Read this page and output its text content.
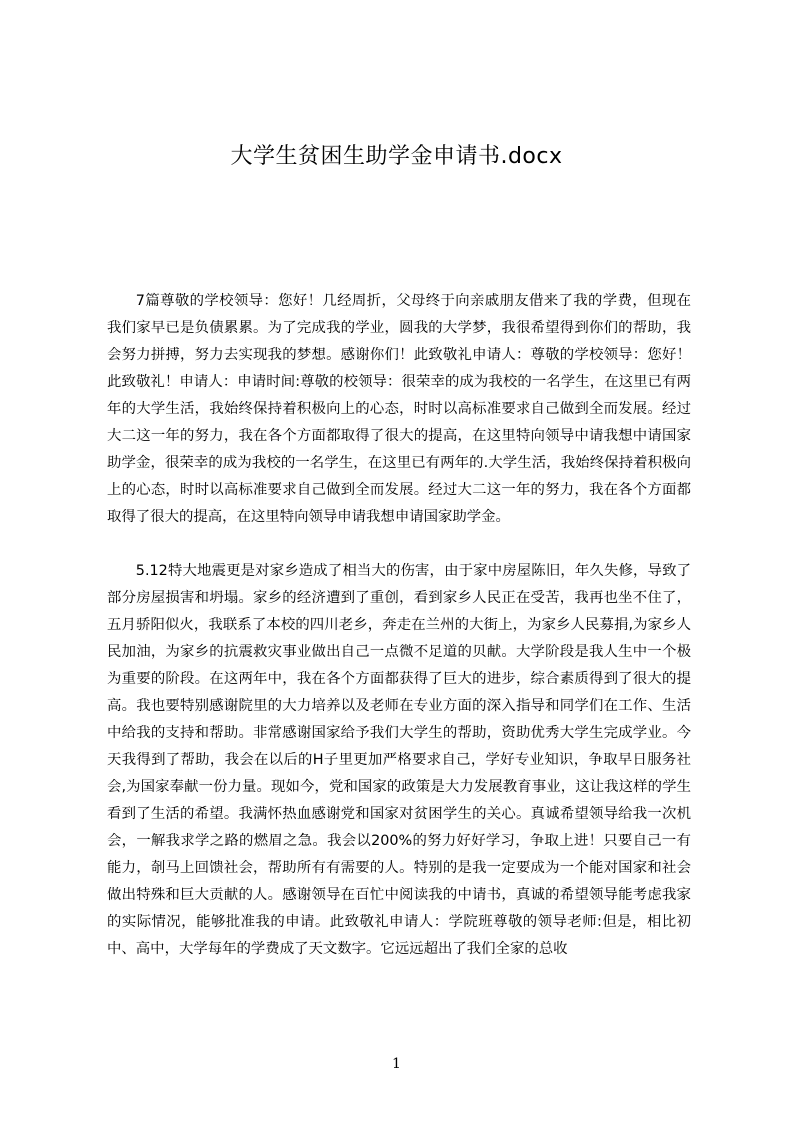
大学生贫困生助学金申请书.docx

7篇尊敬的学校领导：您好！几经周折，父母终于向亲戚朋友借来了我的学费，但现在我们家早已是负债累累。为了完成我的学业，圆我的大学梦，我很希望得到你们的帮助，我会努力拼搏，努力去实现我的梦想。感谢你们！此致敬礼申请人：尊敬的学校领导：您好！此致敬礼！申请人：申请时间:尊敬的校领导：很荣幸的成为我校的一名学生，在这里已有两年的大学生活，我始终保持着积极向上的心态，时时以高标准要求自己做到全而发展。经过大二这一年的努力，我在各个方面都取得了很大的提高，在这里特向领导中请我想中请国家助学金，很荣幸的成为我校的一名学生，在这里已有两年的.大学生活，我始终保持着积极向上的心态，时时以高标准要求自己做到全而发展。经过大二这一年的努力，我在各个方面都取得了很大的提高，在这里特向领导申请我想申请国家助学金。

5.12特大地震更是对家乡造成了相当大的伤害，由于家中房屋陈旧，年久失修，导致了部分房屋损害和坍塌。家乡的经济遭到了重创，看到家乡人民正在受苦，我再也坐不住了，五月骄阳似火，我联系了本校的四川老乡，奔走在兰州的大街上，为家乡人民募捐,为家乡人民加油，为家乡的抗震救灾事业做出自己一点微不足道的贝献。大学阶段是我人生中一个极为重要的阶段。在这两年中，我在各个方面都获得了巨大的进步，综合素质得到了很大的提高。我也要特别感谢院里的大力培养以及老师在专业方面的深入指导和同学们在工作、生活中给我的支持和帮助。非常感谢国家给予我们大学生的帮助，资助优秀大学生完成学业。今天我得到了帮助，我会在以后的H子里更加严格要求自己，学好专业知识，争取早日服务社会,为国家奉献一份力量。现如今，党和国家的政策是大力发展教育事业，这让我这样的学生看到了生活的希望。我满怀热血感谢党和国家对贫困学生的关心。真诚希望领导给我一次机会，一解我求学之路的燃眉之急。我会以200%的努力好好学习，争取上进！只要自己一有能力，剞马上回馈社会，帮助所有有需要的人。特别的是我一定要成为一个能对国家和社会做出特殊和巨大贡献的人。感谢领导在百忙中阅读我的中请书，真诚的希望领导能考虑我家的实际情况，能够批准我的申请。此致敬礼申请人：学院班尊敬的领导老师:但是，相比初中、高中，大学每年的学费成了天文数字。它远远超出了我们全家的总收

1
